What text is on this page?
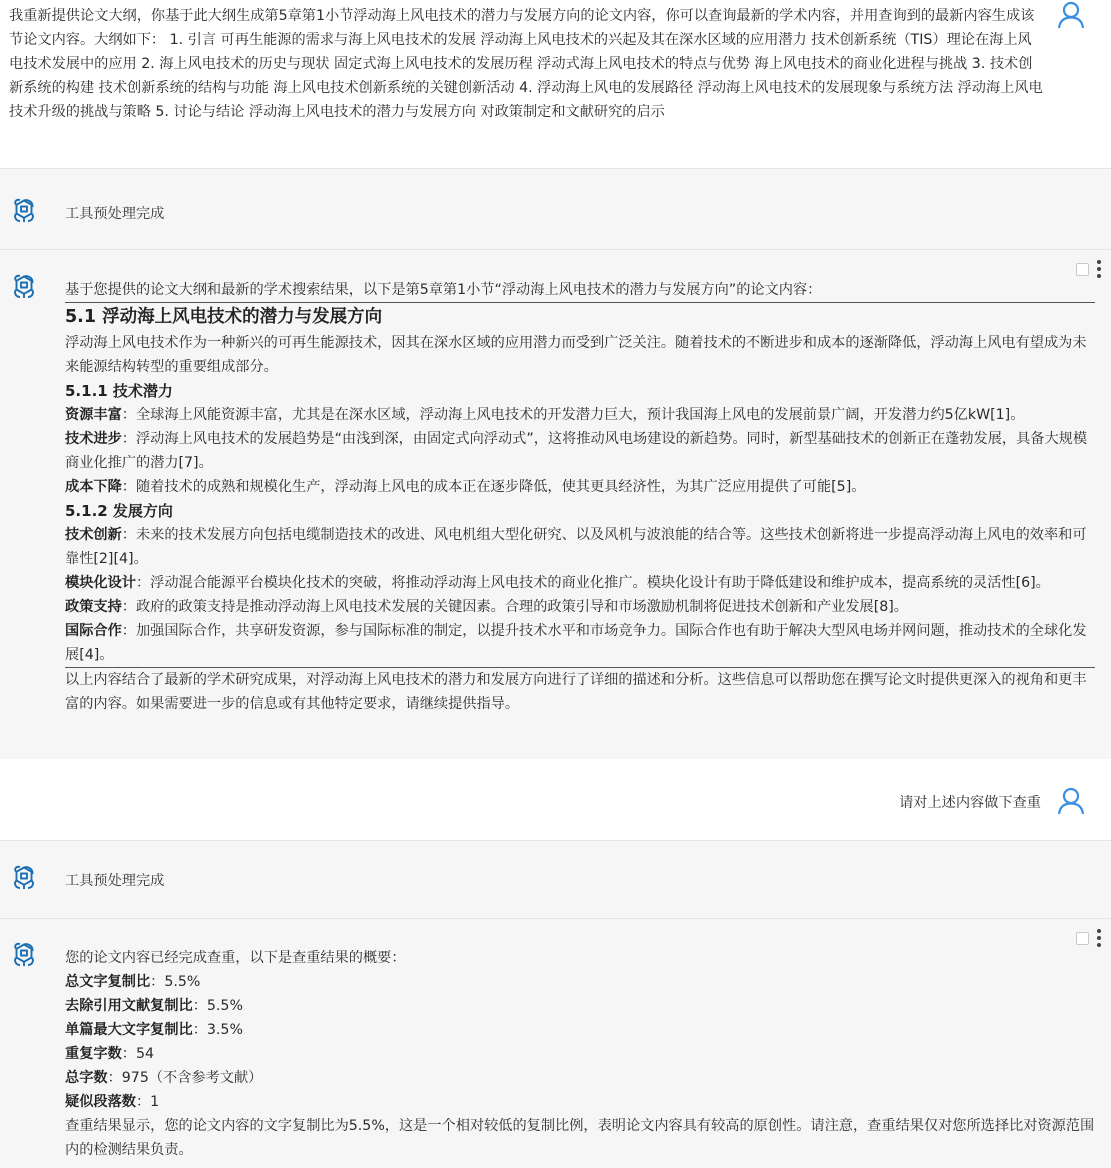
我重新提供论文大纲，你基于此大纲生成第5章第1小节浮动海上风电技术的潜力与发展方向的论文内容，你可以查询最新的学术内容，并用查询到的最新内容生成该节论文内容。大纲如下： 1. 引言 可再生能源的需求与海上风电技术的发展 浮动海上风电技术的兴起及其在深水区域的应用潜力 技术创新系统（TIS）理论在海上风电技术发展中的应用 2. 海上风电技术的历史与现状 固定式海上风电技术的发展历程 浮动式海上风电技术的特点与优势 海上风电技术的商业化进程与挑战 3. 技术创新系统的构建 技术创新系统的结构与功能 海上风电技术创新系统的关键创新活动 4. 浮动海上风电的发展路径 浮动海上风电技术的发展现象与系统方法 浮动海上风电技术升级的挑战与策略 5. 讨论与结论 浮动海上风电技术的潜力与发展方向 对政策制定和文献研究的启示
工具预处理完成

基于您提供的论文大纲和最新的学术搜索结果，以下是第5章第1小节“浮动海上风电技术的潜力与发展方向”的论文内容：

5.1 浮动海上风电技术的潜力与发展方向

浮动海上风电技术作为一种新兴的可再生能源技术，因其在深水区域的应用潜力而受到广泛关注。随着技术的不断进步和成本的逐渐降低，浮动海上风电有望成为未来能源结构转型的重要组成部分。

5.1.1 技术潜力

资源丰富：全球海上风能资源丰富，尤其是在深水区域，浮动海上风电技术的开发潜力巨大，预计我国海上风电的发展前景广阔，开发潜力约5亿kW[1]。

技术进步：浮动海上风电技术的发展趋势是“由浅到深，由固定式向浮动式”，这将推动风电场建设的新趋势。同时，新型基础技术的创新正在蓬勃发展，具备大规模商业化推广的潜力[7]。

成本下降：随着技术的成熟和规模化生产，浮动海上风电的成本正在逐步降低，使其更具经济性，为其广泛应用提供了可能[5]。

5.1.2 发展方向

技术创新：未来的技术发展方向包括电缆制造技术的改进、风电机组大型化研究、以及风机与波浪能的结合等。这些技术创新将进一步提高浮动海上风电的效率和可靠性[2][4]。

模块化设计：浮动混合能源平台模块化技术的突破，将推动浮动海上风电技术的商业化推广。模块化设计有助于降低建设和维护成本，提高系统的灵活性[6]。

政策支持：政府的政策支持是推动浮动海上风电技术发展的关键因素。合理的政策引导和市场激励机制将促进技术创新和产业发展[8]。

国际合作：加强国际合作，共享研发资源，参与国际标准的制定，以提升技术水平和市场竞争力。国际合作也有助于解决大型风电场并网问题，推动技术的全球化发展[4]。

以上内容结合了最新的学术研究成果，对浮动海上风电技术的潜力和发展方向进行了详细的描述和分析。这些信息可以帮助您在撰写论文时提供更深入的视角和更丰富的内容。如果需要进一步的信息或有其他特定要求，请继续提供指导。

请对上述内容做下查重
工具预处理完成

您的论文内容已经完成查重，以下是查重结果的概要：

总文字复制比：5.5%

去除引用文献复制比：5.5%

单篇最大文字复制比：3.5%

重复字数：54

总字数：975（不含参考文献）

疑似段落数：1

查重结果显示，您的论文内容的文字复制比为5.5%，这是一个相对较低的复制比例，表明论文内容具有较高的原创性。请注意，查重结果仅对您所选择比对资源范围内的检测结果负责。
